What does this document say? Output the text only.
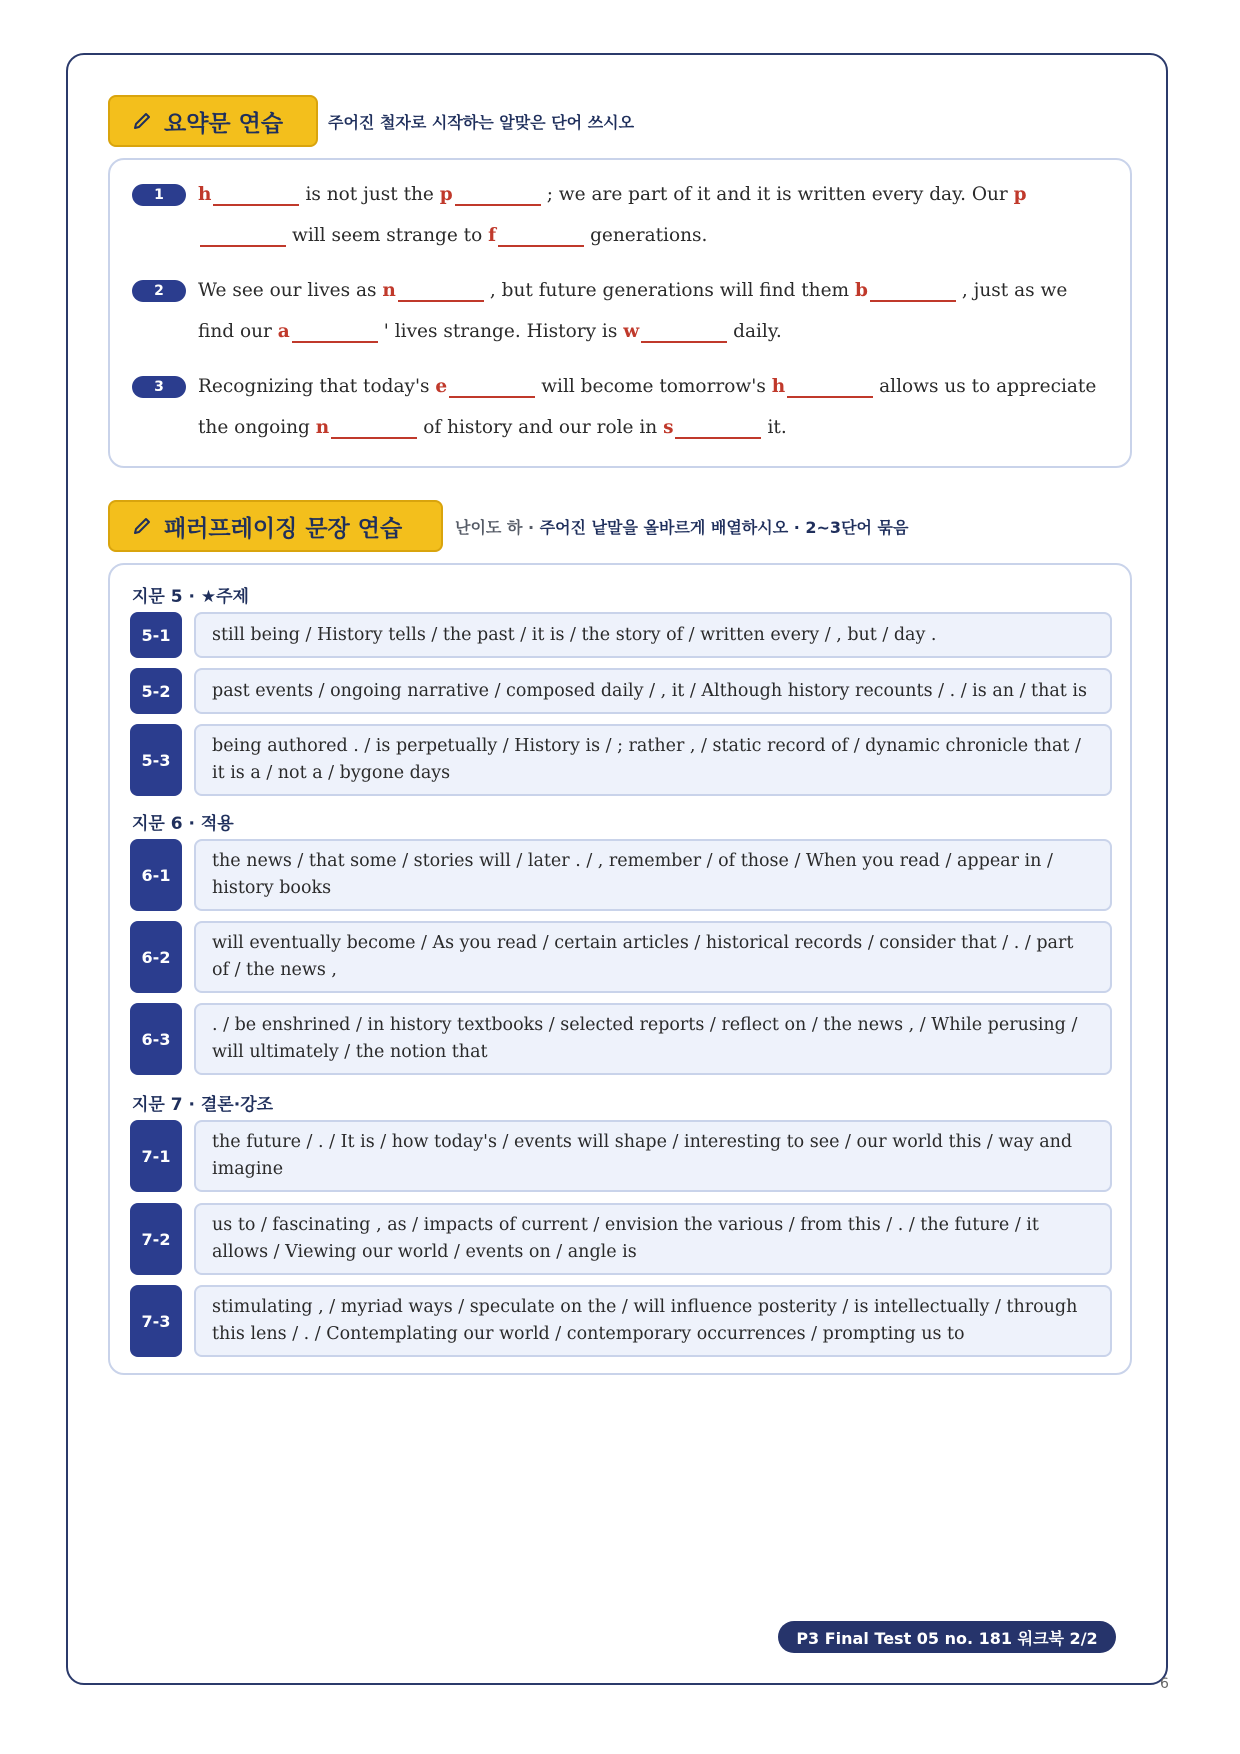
요약문 연습	주어진 철자로 시작하는 알맞은 단어 쓰시오
1	h	is not just the p	; we are part of it and it is written every day. Our pwill seem strange to f	generations.
2	We see our lives as n	, but future generations will find them b	, just as we find our a	' lives strange. History is w	daily.
3	Recognizing that today's e	will become tomorrow's h	allows us to appreciate the ongoing n	of history and our role in s	it.
패러프레이징 문장 연습	난이도 하 · 주어진 낱말을 올바르게 배열하시오 · 2~3단어 묶음
지문 5 · ★주제
5-1	still being / History tells / the past / it is / the story of / written every / , but / day .
5-2	past events / ongoing narrative / composed daily / , it / Although history recounts / . / is an / that is
5-3
being authored . / is perpetually / History is / ; rather , / static record of / dynamic chronicle that / it is a / not a / bygone days
지문 6 · 적용
6-1
the news / that some / stories will / later . / , remember / of those / When you read / appear in / history books
6-2
will eventually become / As you read / certain articles / historical records / consider that / . / part of / the news ,
6-3
. / be enshrined / in history textbooks / selected reports / reflect on / the news , / While perusing / will ultimately / the notion that
지문 7 · 결론·강조
7-1
the future / . / It is / how today's / events will shape / interesting to see / our world this / way and imagine
7-2
us to / fascinating , as / impacts of current / envision the various / from this / . / the future / it allows / Viewing our world / events on / angle is
7-3
stimulating , / myriad ways / speculate on the / will influence posterity / is intellectually / through this lens / . / Contemplating our world / contemporary occurrences / prompting us to
P3 Final Test 05 no. 181 워크북 2/2
6
